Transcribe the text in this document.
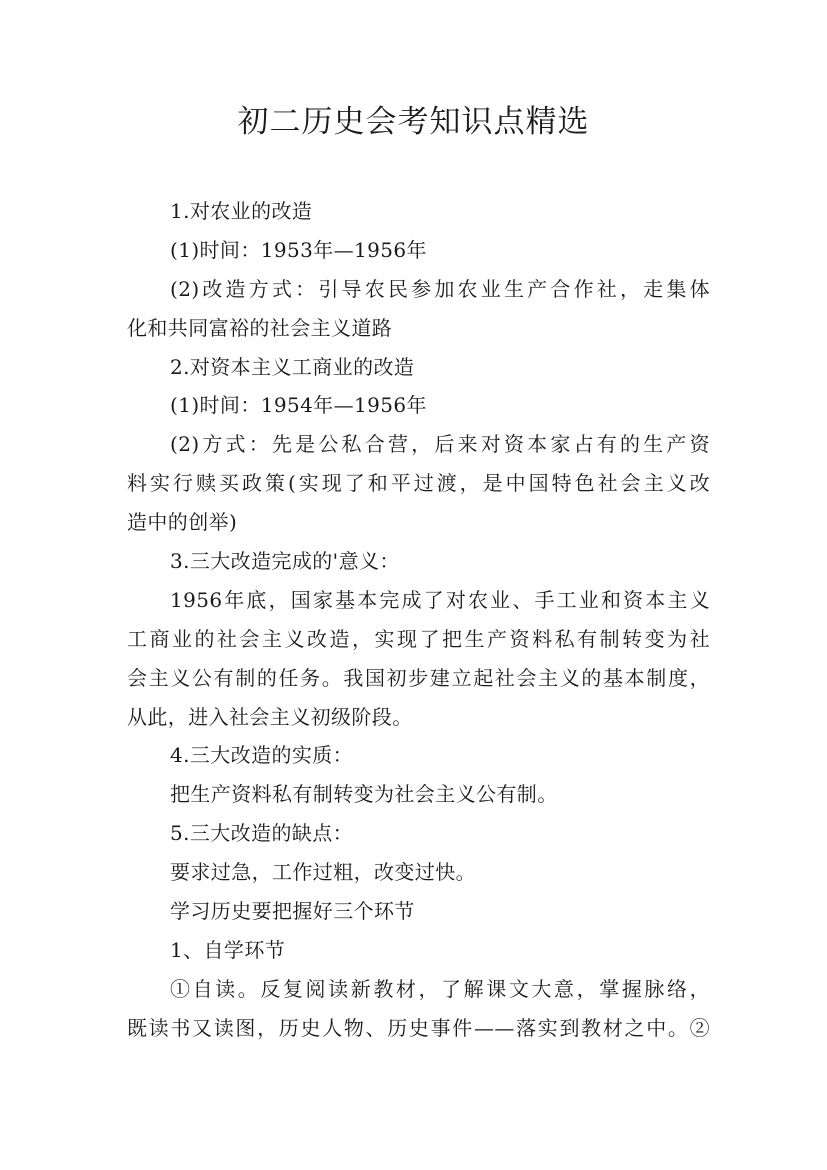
初二历史会考知识点精选
1.对农业的改造
(1)时间：1953年—1956年
(2)改造方式：引导农民参加农业生产合作社，走集体
化和共同富裕的社会主义道路
2.对资本主义工商业的改造
(1)时间：1954年—1956年
(2)方式：先是公私合营，后来对资本家占有的生产资
料实行赎买政策(实现了和平过渡，是中国特色社会主义改
造中的创举)
3.三大改造完成的'意义：
1956年底，国家基本完成了对农业、手工业和资本主义
工商业的社会主义改造，实现了把生产资料私有制转变为社
会主义公有制的任务。我国初步建立起社会主义的基本制度，
从此，进入社会主义初级阶段。
4.三大改造的实质：
把生产资料私有制转变为社会主义公有制。
5.三大改造的缺点：
要求过急，工作过粗，改变过快。
学习历史要把握好三个环节
1、自学环节
①自读。反复阅读新教材，了解课文大意，掌握脉络，
既读书又读图，历史人物、历史事件——落实到教材之中。②
